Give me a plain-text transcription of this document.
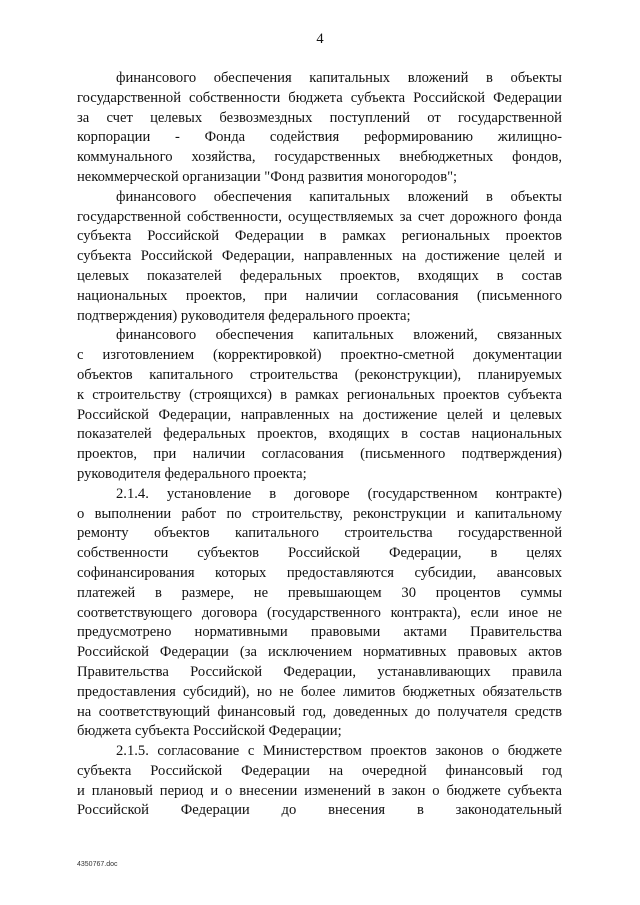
4
финансового обеспечения капитальных вложений в объекты
государственной собственности бюджета субъекта Российской Федерации
за счет целевых безвозмездных поступлений от государственной
корпорации - Фонда содействия реформированию жилищно-
коммунального хозяйства, государственных внебюджетных фондов,
некоммерческой организации "Фонд развития моногородов";
финансового обеспечения капитальных вложений в объекты
государственной собственности, осуществляемых за счет дорожного фонда
субъекта Российской Федерации в рамках региональных проектов
субъекта Российской Федерации, направленных на достижение целей и
целевых показателей федеральных проектов, входящих в состав
национальных проектов, при наличии согласования (письменного
подтверждения) руководителя федерального проекта;
финансового обеспечения капитальных вложений, связанных
с изготовлением (корректировкой) проектно-сметной документации
объектов капитального строительства (реконструкции), планируемых
к строительству (строящихся) в рамках региональных проектов субъекта
Российской Федерации, направленных на достижение целей и целевых
показателей федеральных проектов, входящих в состав национальных
проектов, при наличии согласования (письменного подтверждения)
руководителя федерального проекта;
2.1.4. установление в договоре (государственном контракте)
о выполнении работ по строительству, реконструкции и капитальному
ремонту объектов капитального строительства государственной
собственности субъектов Российской Федерации, в целях
софинансирования которых предоставляются субсидии, авансовых
платежей в размере, не превышающем 30 процентов суммы
соответствующего договора (государственного контракта), если иное не
предусмотрено нормативными правовыми актами Правительства
Российской Федерации (за исключением нормативных правовых актов
Правительства Российской Федерации, устанавливающих правила
предоставления субсидий), но не более лимитов бюджетных обязательств
на соответствующий финансовый год, доведенных до получателя средств
бюджета субъекта Российской Федерации;
2.1.5. согласование с Министерством проектов законов о бюджете
субъекта Российской Федерации на очередной финансовый год
и плановый период и о внесении изменений в закон о бюджете субъекта
Российской Федерации до внесения в законодательный
4350767.doc
